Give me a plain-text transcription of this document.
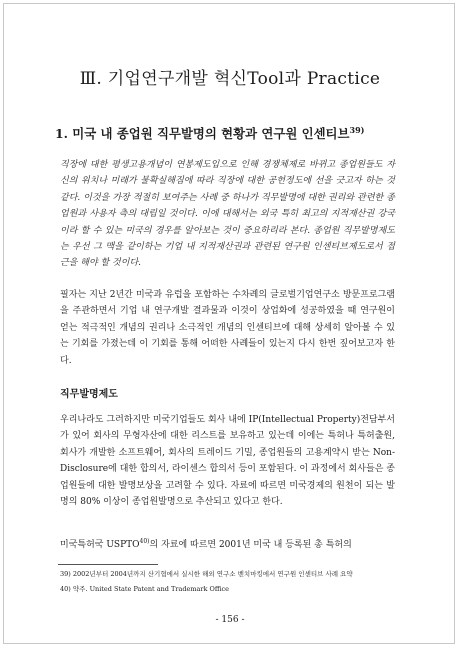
Ⅲ. 기업연구개발 혁신Tool과 Practice
1. 미국 내 종업원 직무발명의 현황과 연구원 인센티브$^{39)}$

직장에 대한 평생고용개념이 연봉제도입으로 인해 경쟁체제로 바뀌고 종업원들도 자신의 위치나 미래가 불확실해짐에 따라 직장에 대한 공헌정도에 선을 긋고자 하는 것 같다. 이것을 가장 적절히 보여주는 사례 중 하나가 직무발명에 대한 권리와 관련한 종업원과 사용자 측의 대립일 것이다. 이에 대해서는 외국 특히 최고의 지적재산권 강국이라 할 수 있는 미국의 경우를 알아보는 것이 중요하리라 본다. 종업원 직무발명제도는 우선 그 맥을 같이하는 기업 내 지적재산권과 관련된 연구원 인센티브제도로서 접근을 해야 할 것이다.

필자는 지난 2년간 미국과 유럽을 포함하는 수차례의 글로벌기업연구소 방문프로그램을 주관하면서 기업 내 연구개발 결과물과 이것이 상업화에 성공하였을 때 연구원이 얻는 적극적인 개념의 권리나 소극적인 개념의 인센티브에 대해 상세히 알아볼 수 있는 기회를 가졌는데 이 기회를 통해 어떠한 사례들이 있는지 다시 한번 짚어보고자 한다.

직무발명제도

우리나라도 그러하지만 미국기업들도 회사 내에 IP(Intellectual Property)전담부서가 있어 회사의 무형자산에 대한 리스트를 보유하고 있는데 이에는 특허나 특허출원, 회사가 개발한 소프트웨어, 회사의 트레이드 기밀, 종업원들의 고용계약시 받는 Non-Disclosure에 대한 합의서, 라이센스 합의서 등이 포함된다. 이 과정에서 회사들은 종업원들에 대한 발명보상을 고려할 수 있다. 자료에 따르면 미국경제의 원천이 되는 발명의 80% 이상이 종업원발명으로 추산되고 있다고 한다.

미국특허국 USPTO$^{40)}$의 자료에 따르면 2001년 미국 내 등록된 총 특허의

39) 2002년부터 2004년까지 산기협에서 실시한 해외 연구소 벤치마킹에서 연구원 인센티브 사례 요약

40) 약주. United State Patent and Trademark Office

- 156 -
